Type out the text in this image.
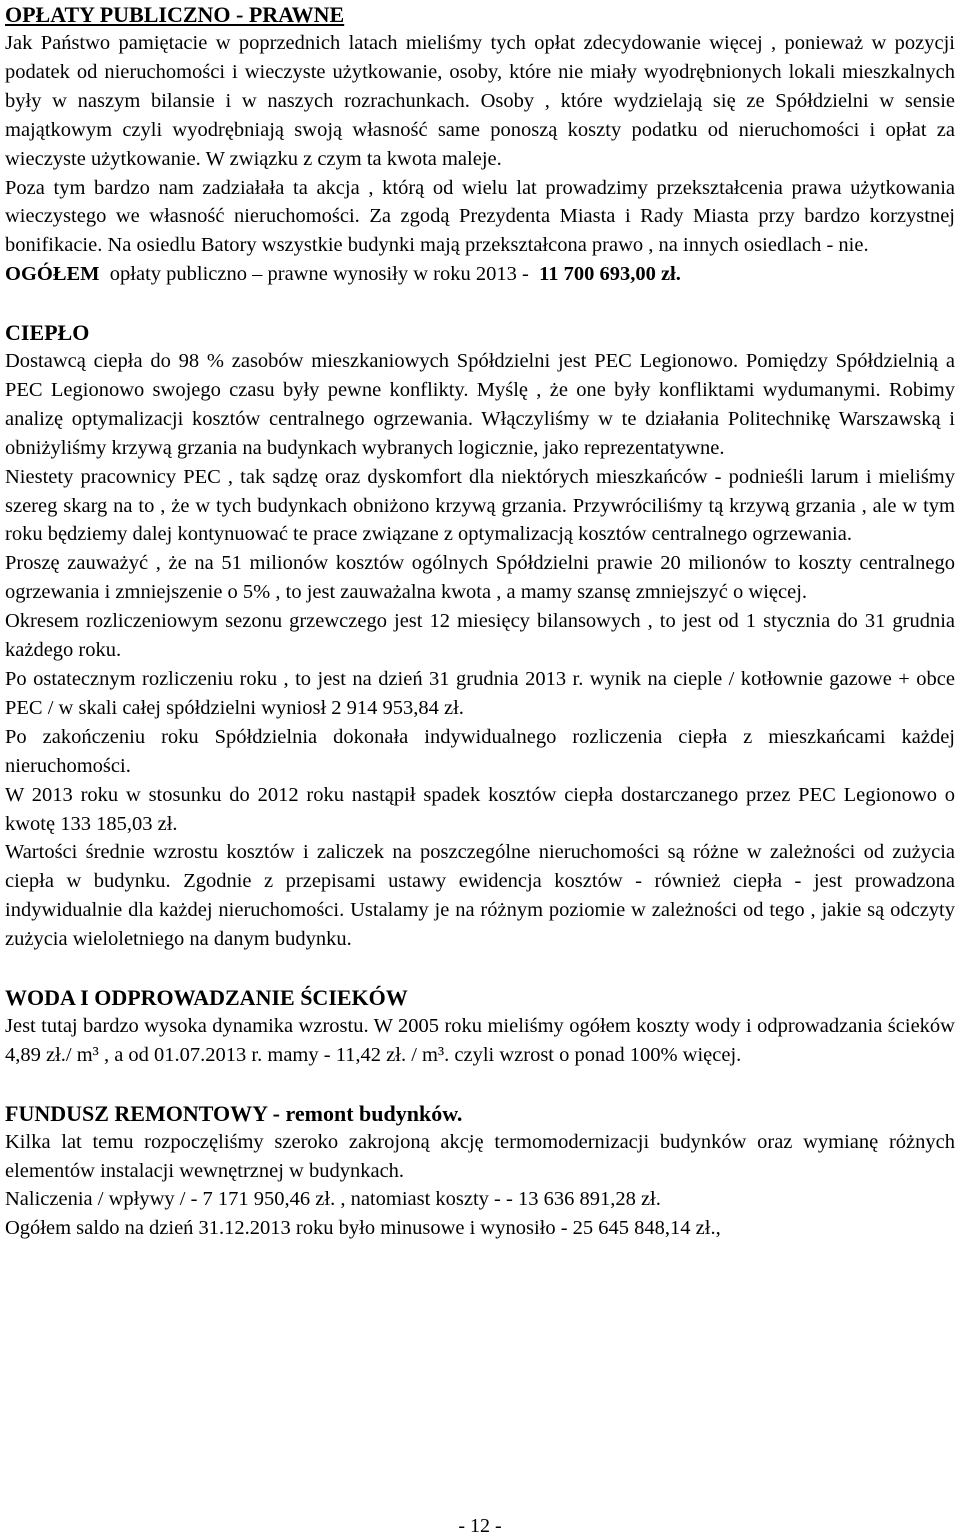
OPŁATY PUBLICZNO - PRAWNE

Jak Państwo pamiętacie w poprzednich latach mieliśmy tych opłat zdecydowanie więcej , ponieważ w pozycji podatek od nieruchomości i wieczyste użytkowanie, osoby, które nie miały wyodrębnionych lokali mieszkalnych były w naszym bilansie i w naszych rozrachunkach. Osoby , które wydzielają się ze Spółdzielni w sensie majątkowym czyli wyodrębniają swoją własność same ponoszą koszty podatku od nieruchomości i opłat za wieczyste użytkowanie. W związku z czym ta kwota maleje.

Poza tym bardzo nam zadziałała ta akcja , którą od wielu lat prowadzimy przekształcenia prawa użytkowania wieczystego we własność nieruchomości. Za zgodą Prezydenta Miasta i Rady Miasta przy bardzo korzystnej bonifikacie. Na osiedlu Batory wszystkie budynki mają przekształcona prawo , na innych osiedlach - nie.

OGÓŁEM opłaty publiczno – prawne wynosiły w roku 2013 - 11 700 693,00 zł.

CIEPŁO

Dostawcą ciepła do 98 % zasobów mieszkaniowych Spółdzielni jest PEC Legionowo. Pomiędzy Spółdzielnią a PEC Legionowo swojego czasu były pewne konflikty. Myślę , że one były konfliktami wydumanymi. Robimy analizę optymalizacji kosztów centralnego ogrzewania. Włączyliśmy w te działania Politechnikę Warszawską i obniżyliśmy krzywą grzania na budynkach wybranych logicznie, jako reprezentatywne.

Niestety pracownicy PEC , tak sądzę oraz dyskomfort dla niektórych mieszkańców - podnieśli larum i mieliśmy szereg skarg na to , że w tych budynkach obniżono krzywą grzania. Przywróciliśmy tą krzywą grzania , ale w tym roku będziemy dalej kontynuować te prace związane z optymalizacją kosztów centralnego ogrzewania.

Proszę zauważyć , że na 51 milionów kosztów ogólnych Spółdzielni prawie 20 milionów to koszty centralnego ogrzewania i zmniejszenie o 5% , to jest zauważalna kwota , a mamy szansę zmniejszyć o więcej.

Okresem rozliczeniowym sezonu grzewczego jest 12 miesięcy bilansowych , to jest od 1 stycznia do 31 grudnia każdego roku.

Po ostatecznym rozliczeniu roku , to jest na dzień 31 grudnia 2013 r. wynik na cieple / kotłownie gazowe + obce PEC / w skali całej spółdzielni wyniosł 2 914 953,84 zł.

Po zakończeniu roku Spółdzielnia dokonała indywidualnego rozliczenia ciepła z mieszkańcami każdej nieruchomości.

W 2013 roku w stosunku do 2012 roku nastąpił spadek kosztów ciepła dostarczanego przez PEC Legionowo o kwotę 133 185,03 zł.

Wartości średnie wzrostu kosztów i zaliczek na poszczególne nieruchomości są różne w zależności od zużycia ciepła w budynku. Zgodnie z przepisami ustawy ewidencja kosztów - również ciepła - jest prowadzona indywidualnie dla każdej nieruchomości. Ustalamy je na różnym poziomie w zależności od tego , jakie są odczyty zużycia wieloletniego na danym budynku.

WODA I ODPROWADZANIE ŚCIEKÓW

Jest tutaj bardzo wysoka dynamika wzrostu. W 2005 roku mieliśmy ogółem koszty wody i odprowadzania ścieków 4,89 zł./ m³ , a od 01.07.2013 r. mamy - 11,42 zł. / m³. czyli wzrost o ponad 100% więcej.

FUNDUSZ REMONTOWY - remont budynków.

Kilka lat temu rozpoczęliśmy szeroko zakrojoną akcję termomodernizacji budynków oraz wymianę różnych elementów instalacji wewnętrznej w budynkach.

Naliczenia / wpływy / - 7 171 950,46 zł. , natomiast koszty - - 13 636 891,28 zł.

Ogółem saldo na dzień 31.12.2013 roku było minusowe i wynosiło - 25 645 848,14 zł.,

- 12 -
